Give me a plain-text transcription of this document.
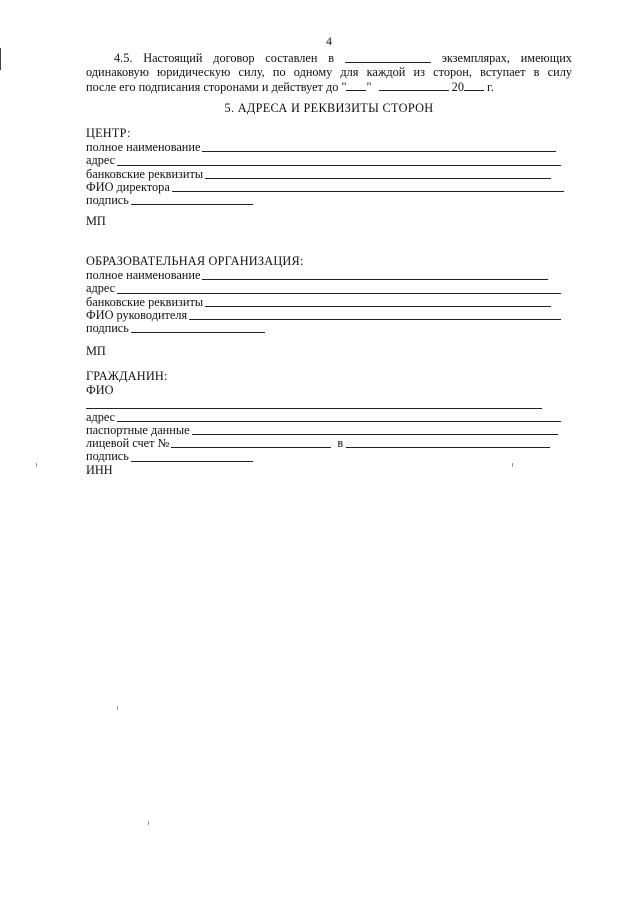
4
4.5. Настоящий договор составлен в	экземплярах, имеющих
одинаковую юридическую силу, по одному для каждой из сторон, вступает в силу
после его подписания сторонами и действует до " "	20 г.
5. АДРЕСА И РЕКВИЗИТЫ СТОРОН
ЦЕНТР:
полное наименование
адрес
банковские реквизиты
ФИО директора
подпись
МП
ОБРАЗОВАТЕЛЬНАЯ ОРГАНИЗАЦИЯ:
полное наименование
адрес
банковские реквизиты
ФИО руководителя
подпись
МП
ГРАЖДАНИН:
ФИО
адрес
паспортные данные
лицевой счет №	в
подпись
ИНН
